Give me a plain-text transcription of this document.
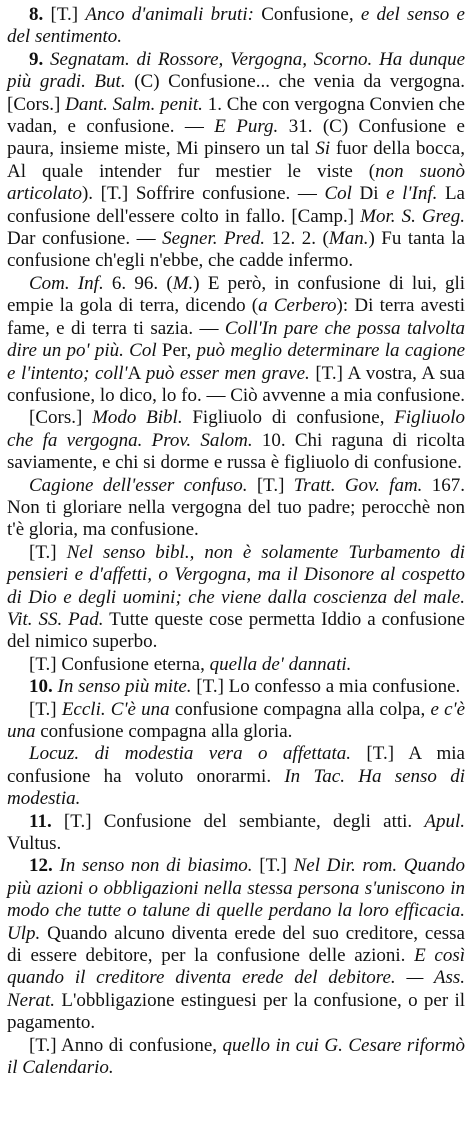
8. [T.] Anco d'animali bruti: Confusione, e del senso e del sentimento.

9. Segnatam. di Rossore, Vergogna, Scorno. Ha dunque più gradi. But. (C) Confusione... che venia da vergogna. [Cors.] Dant. Salm. penit. 1. Che con vergogna Convien che vadan, e confusione. — E Purg. 31. (C) Confusione e paura, insieme miste, Mi pinsero un tal Si fuor della bocca, Al quale intender fur mestier le viste (non suonò articolato). [T.] Soffrire confusione. — Col Di e l'Inf. La confusione dell'essere colto in fallo. [Camp.] Mor. S. Greg. Dar confusione. — Segner. Pred. 12. 2. (Man.) Fu tanta la confusione ch'egli n'ebbe, che cadde infermo.

Com. Inf. 6. 96. (M.) E però, in confusione di lui, gli empie la gola di terra, dicendo (a Cerbero): Di terra avesti fame, e di terra ti sazia. — Coll'In pare che possa talvolta dire un po' più. Col Per, può meglio determinare la cagione e l'intento; coll'A può esser men grave. [T.] A vostra, A sua confusione, lo dico, lo fo. — Ciò avvenne a mia confusione.

[Cors.] Modo Bibl. Figliuolo di confusione, Figliuolo che fa vergogna. Prov. Salom. 10. Chi raguna di ricolta saviamente, e chi si dorme e russa è figliuolo di confusione.

Cagione dell'esser confuso. [T.] Tratt. Gov. fam. 167. Non ti gloriare nella vergogna del tuo padre; perocchè non t'è gloria, ma confusione.

[T.] Nel senso bibl., non è solamente Turbamento di pensieri e d'affetti, o Vergogna, ma il Disonore al cospetto di Dio e degli uomini; che viene dalla coscienza del male. Vit. SS. Pad. Tutte queste cose permetta Iddio a confusione del nimico superbo.

[T.] Confusione eterna, quella de' dannati.

10. In senso più mite. [T.] Lo confesso a mia confusione.

[T.] Eccli. C'è una confusione compagna alla colpa, e c'è una confusione compagna alla gloria.

Locuz. di modestia vera o affettata. [T.] A mia confusione ha voluto onorarmi. In Tac. Ha senso di modestia.

11. [T.] Confusione del sembiante, degli atti. Apul. Vultus.

12. In senso non di biasimo. [T.] Nel Dir. rom. Quando più azioni o obbligazioni nella stessa persona s'uniscono in modo che tutte o talune di quelle perdano la loro efficacia. Ulp. Quando alcuno diventa erede del suo creditore, cessa di essere debitore, per la confusione delle azioni. E così quando il creditore diventa erede del debitore. — Ass. Nerat. L'obbligazione estinguesi per la confusione, o per il pagamento.

[T.] Anno di confusione, quello in cui G. Cesare riformò il Calendario.
